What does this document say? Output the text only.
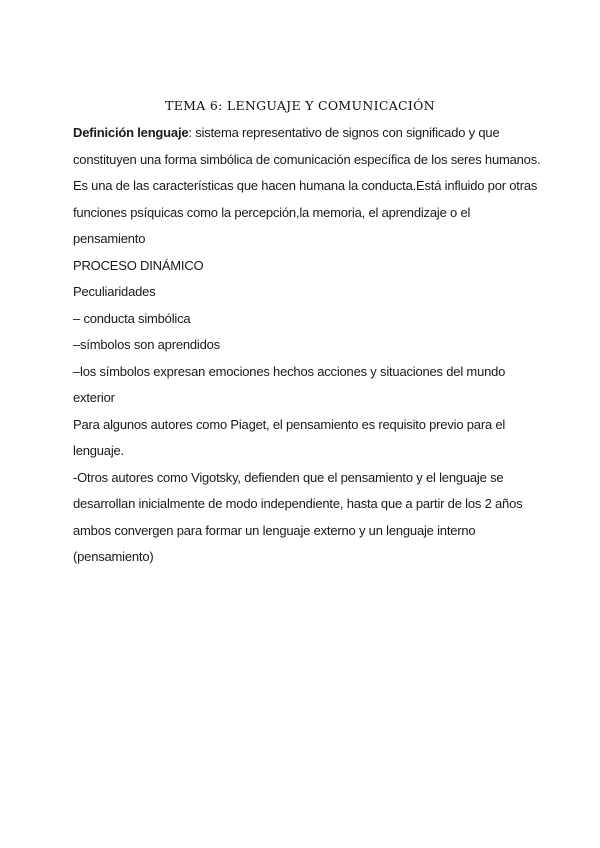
TEMA 6: LENGUAJE Y COMUNICACIÓN
Definición lenguaje: sistema representativo de signos con significado y que
constituyen una forma simbólica de comunicación específica de los seres humanos.
Es una de las características que hacen humana la conducta.Está influido por otras
funciones psíquicas como la percepción,la memoria, el aprendizaje o el
pensamiento
PROCESO DINÁMICO
Peculiaridades
– conducta simbólica
–símbolos son aprendidos
–los símbolos expresan emociones hechos acciones y situaciones del mundo
exterior
Para algunos autores como Piaget, el pensamiento es requisito previo para el
lenguaje.
-Otros autores como Vigotsky, defienden que el pensamiento y el lenguaje se
desarrollan inicialmente de modo independiente, hasta que a partir de los 2 años
ambos convergen para formar un lenguaje externo y un lenguaje interno
(pensamiento)
